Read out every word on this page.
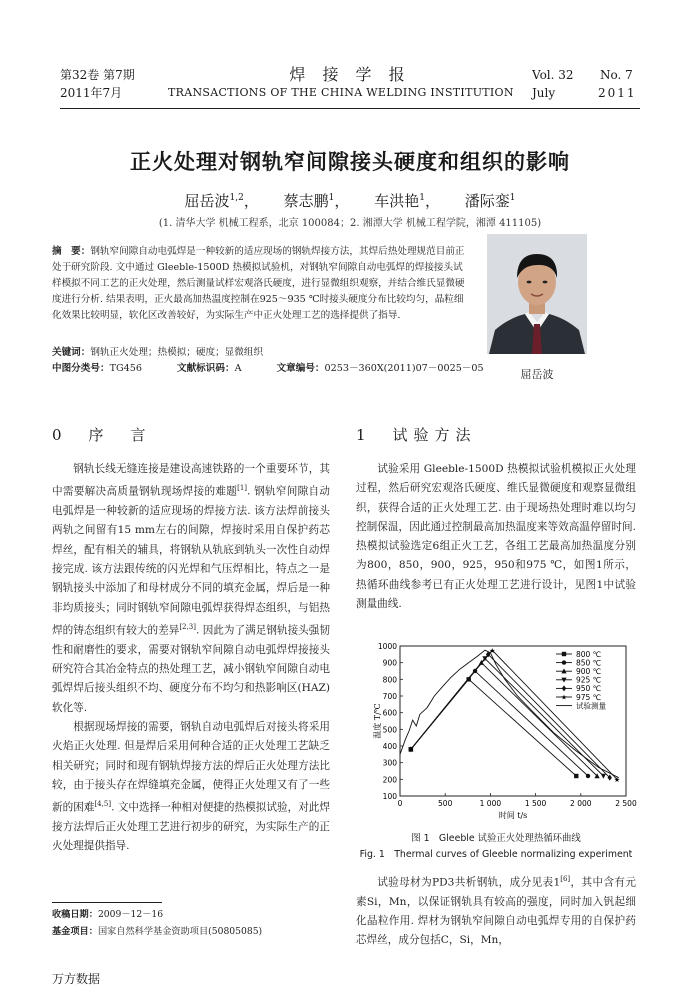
第32卷 第7期
2011年7月
焊 接 学 报
TRANSACTIONS OF THE CHINA WELDING INSTITUTION
Vol. 32 No. 7
July	2011
正火处理对钢轨窄间隙接头硬度和组织的影响
屈岳波$^{1,2}$， 蔡志鹏$^1$， 车洪艳$^1$， 潘际銮$^1$
(1. 清华大学 机械工程系，北京 100084；2. 湘潭大学 机械工程学院，湘潭 411105)
摘　要：钢轨窄间隙自动电弧焊是一种较新的适应现场的钢轨焊接方法，其焊后热处理规范目前正处于研究阶段. 文中通过 Gleeble-1500D 热模拟试验机，对钢轨窄间隙自动电弧焊的焊接接头试样模拟不同工艺的正火处理，然后测量试样宏观洛氏硬度，进行显微组织观察，并结合维氏显微硬度进行分析. 结果表明，正火最高加热温度控制在925～935 ℃时接头硬度分布比较均匀，晶粒细化效果比较明显，软化区改善较好，为实际生产中正火处理工艺的选择提供了指导.
关键词：钢轨正火处理；热模拟；硬度；显微组织
中图分类号：TG456	文献标识码：A	文章编号：0253－360X(2011)07－0025－05	屈岳波
0　序　言

钢轨长线无缝连接是建设高速铁路的一个重要环节，其中需要解决高质量钢轨现场焊接的难题[1]. 钢轨窄间隙自动电弧焊是一种较新的适应现场的焊接方法. 该方法焊前接头两轨之间留有15 mm左右的间隙，焊接时采用自保护药芯焊丝，配有相关的辅具，将钢轨从轨底到轨头一次性自动焊接完成. 该方法跟传统的闪光焊和气压焊相比，特点之一是钢轨接头中添加了和母材成分不同的填充金属，焊后是一种非均质接头；同时钢轨窄间隙电弧焊获得焊态组织，与铝热焊的铸态组织有较大的差异[2,3]. 因此为了满足钢轨接头强韧性和耐磨性的要求，需要对钢轨窄间隙自动电弧焊焊接接头研究符合其冶金特点的热处理工艺，减小钢轨窄间隙自动电弧焊焊后接头组织不均、硬度分布不均匀和热影响区(HAZ)软化等.

根据现场焊接的需要，钢轨自动电弧焊后对接头将采用火焰正火处理. 但是焊后采用何种合适的正火处理工艺缺乏相关研究；同时和现有钢轨焊接方法的焊后正火处理方法比较，由于接头存在焊缝填充金属，使得正火处理又有了一些新的困难[4,5]. 文中选择一种相对便捷的热模拟试验，对此焊接方法焊后正火处理工艺进行初步的研究，为实际生产的正火处理提供指导.

1　试验方法

试验采用 Gleeble-1500D 热模拟试验机模拟正火处理过程，然后研究宏观洛氏硬度、维氏显微硬度和观察显微组织，获得合适的正火处理工艺. 由于现场热处理时难以均匀控制保温，因此通过控制最高加热温度来等效高温停留时间. 热模拟试验选定6组正火工艺，各组工艺最高加热温度分别为800，850，900，925，950和975 ℃，如图1所示，热循环曲线参考已有正火处理工艺进行设计，见图1中试验测量曲线.

100
200
300
400
500
600
700
800
900
1000
0	500	1 000	1 500	2 000	2 500
时间 t/s
温度 T/℃
★
★
★
800 ℃
850 ℃
900 ℃
925 ℃
950 ℃
★ 975 ℃
试验测量
图 1　Gleeble 试验正火处理热循环曲线
Fig. 1　Thermal curves of Gleeble normalizing experiment

试验母材为PD3共析钢轨，成分见表1[6]，其中含有元素Si，Mn，以保证钢轨具有较高的强度，同时加入钒起细化晶粒作用. 焊材为钢轨窄间隙自动电弧焊专用的自保护药芯焊丝，成分包括C，Si，Mn，

收稿日期：2009－12－16
基金项目：国家自然科学基金资助项目(50805085)
万方数据
